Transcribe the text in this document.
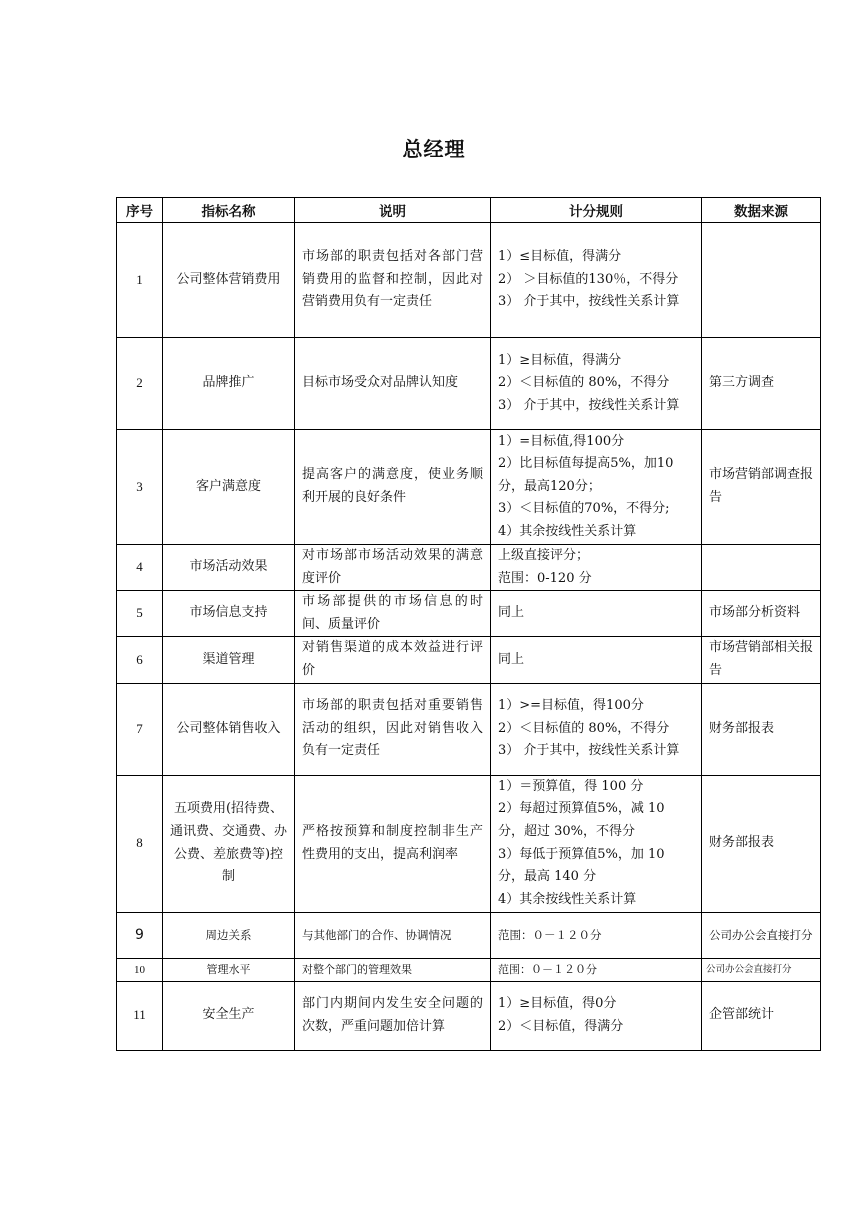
总经理
序号	指标名称	说明	计分规则	数据来源
1	公司整体营销费用	市场部的职责包括对各部门营销费用的监督和控制，因此对营销费用负有一定责任	1）≤目标值，得满分
2） ＞目标值的130％，不得分
3） 介于其中，按线性关系计算	

2	品牌推广	目标市场受众对品牌认知度	1）≥目标值，得满分
2）＜目标值的 80%，不得分
3） 介于其中，按线性关系计算	第三方调查
3	客户满意度	提高客户的满意度，使业务顺利开展的良好条件	1）=目标值,得100分
2）比目标值每提高5%，加10分，最高120分；
3）＜目标值的70%，不得分;
4）其余按线性关系计算	市场营销部调查报告
4	市场活动效果	对市场部市场活动效果的满意度评价	上级直接评分；
范围：0-120 分	

5	市场信息支持	市场部提供的市场信息的时间、质量评价	同上	市场部分析资料
6	渠道管理	对销售渠道的成本效益进行评价	同上	市场营销部相关报告
7	公司整体销售收入	市场部的职责包括对重要销售活动的组织，因此对销售收入负有一定责任	1）>=目标值，得100分
2）＜目标值的 80%，不得分
3） 介于其中，按线性关系计算	财务部报表
8	五项费用(招待费、通讯费、交通费、办公费、差旅费等)控制	严格按预算和制度控制非生产性费用的支出，提高利润率	1）＝预算值，得 100 分
2）每超过预算值5%，减 10 分，超过 30%，不得分
3）每低于预算值5%，加 10 分，最高 140 分
4）其余按线性关系计算	财务部报表
9	周边关系	与其他部门的合作、协调情况	范围：０－１２０分	公司办公会直接打分
10	管理水平	对整个部门的管理效果	范围：０－１２０分	公司办公会直接打分
11	安全生产	部门内期间内发生安全问题的次数，严重问题加倍计算	1）≥目标值，得0分
2）＜目标值，得满分	企管部统计
